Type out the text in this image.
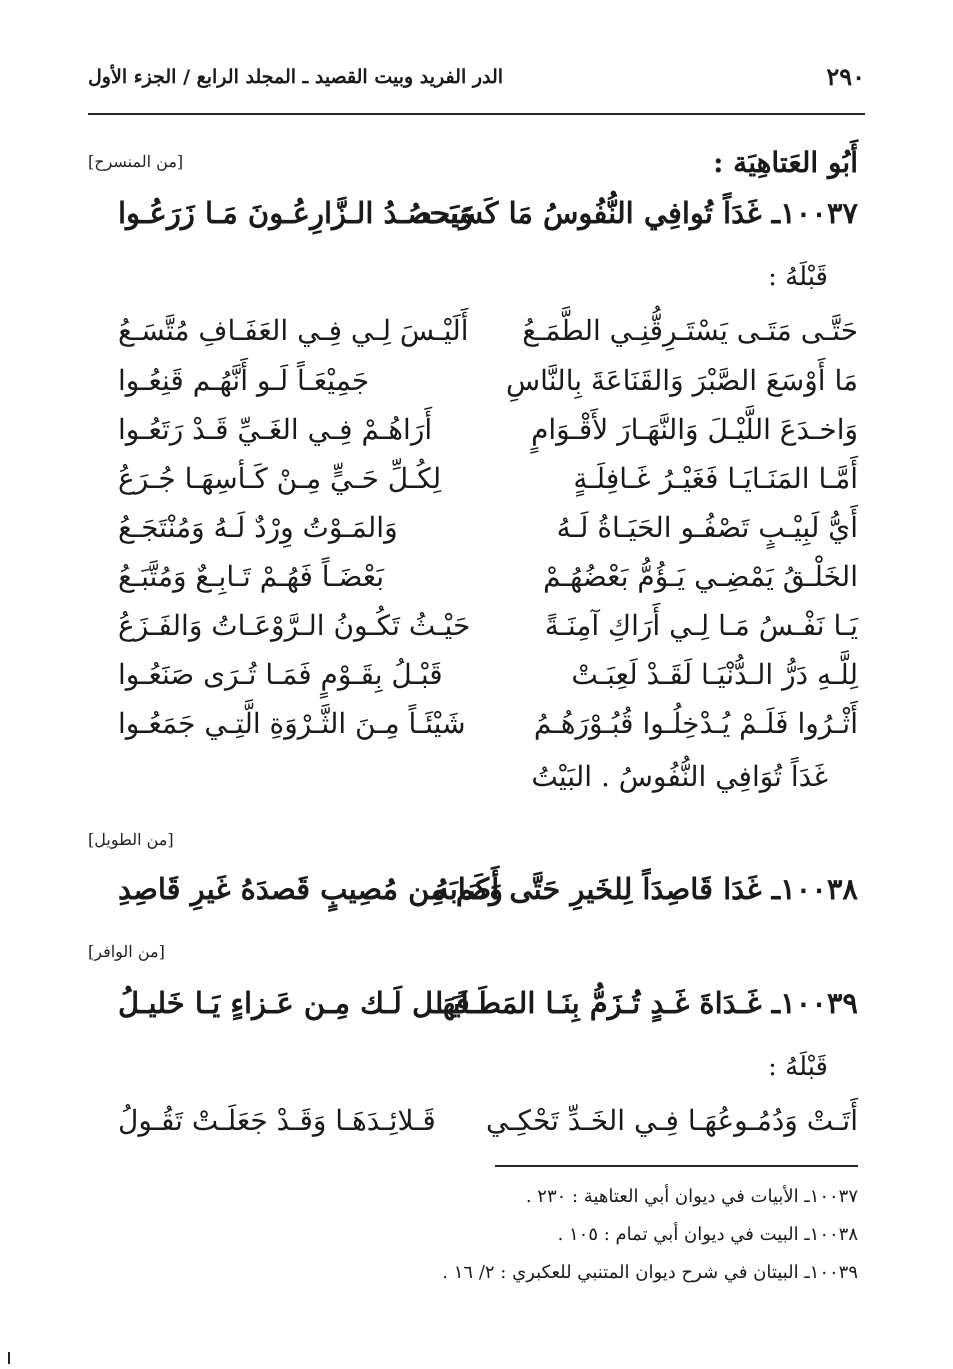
٢٩٠
الدر الفريد وبيت القصيد ـ المجلد الرابع / الجزء الأول
أَبُو العَتاهِيَة :
[من المنسرح]
١٠٠٣٧ـ غَدَاً تُوافِي النُّفُوسُ مَا كَسَبَت
وَيَحصُـدُ الـزَّارِعُـونَ مَـا زَرَعُـوا
قَبْلَهُ :
حَتَّـى مَتَـى يَسْتَـرِقُّنِـي الطَّمَـعُ
أَلَيْـسَ لِـي فِـي العَفَـافِ مُتَّسَـعُ
مَا أَوْسَعَ الصَّبْرَ وَالقَنَاعَةَ بِالنَّاسِ
جَمِيْعَـاً لَـو أَنَّهُـم قَنِعُـوا
وَاخـدَعَ اللَّيْـلَ وَالنَّهَـارَ لأَقْـوَامٍ
أَرَاهُـمْ فِـي الغَـيِّ قَـدْ رَتَعُـوا
أَمَّـا المَنَـايَـا فَغَيْـرُ غَـافِلَـةٍ
لِكُـلِّ حَـيٍّ مِـنْ كَـأسِهَـا جُـرَعُ
أَيُّ لَبِيْـبٍ تَصْفُـو الحَيَـاةُ لَـهُ
وَالمَـوْتُ وِرْدٌ لَـهُ وَمُنْتَجَـعُ
الخَلْـقُ يَمْضِـي يَـؤُمُّ بَعْضُهُـمْ
بَعْضَـاً فَهُـمْ تَـابِـعٌ وَمُتَّبَـعُ
يَـا نَفْـسُ مَـا لِـي أَرَاكِ آمِنَـةً
حَيْـثُ تَكُـونُ الـرَّوْعَـاتُ وَالفَـزَعُ
لِلَّـهِ دَرُّ الـدُّنْيَـا لَقَـدْ لَعِبَـتْ
قَبْـلُ بِقَـوْمٍ فَمَـا تُـرَى صَنَعُـوا
أَثْـرُوا فَلَـمْ يُـدْخِلُـوا قُبُـوْرَهُـمُ
شَيْئَـاً مِـنَ الثَّـرْوَةِ الَّتِـي جَمَعُـوا
غَدَاً تُوَافِي النُّفُوسُ . البَيْتُ
[من الطويل]
١٠٠٣٨ـ غَدَا قَاصِدَاً لِلخَيرِ حَتَّى أَصَابَهُ
وَكَم مِن مُصِيبٍ قَصدَهُ غَيرِ قَاصِدِ
[من الوافر]
١٠٠٣٩ـ غَـدَاةَ غَـدٍ تُـزَمُّ بِنَـا المَطَـايَـا
فَهَـل لَـك مِـن عَـزاءٍ يَـا خَليـلُ
قَبْلَهُ :
أَتَـتْ وَدُمُـوعُهَـا فِـي الخَـدِّ تَحْكِـي
قَـلائِـدَهَـا وَقَـدْ جَعَلَـتْ تَقُـولُ
١٠٠٣٧ـ الأبيات في ديوان أبي العتاهية : ٢٣٠ .
١٠٠٣٨ـ البيت في ديوان أبي تمام : ١٠٥ .
١٠٠٣٩ـ البيتان في شرح ديوان المتنبي للعكبري : ٢/ ١٦ .
